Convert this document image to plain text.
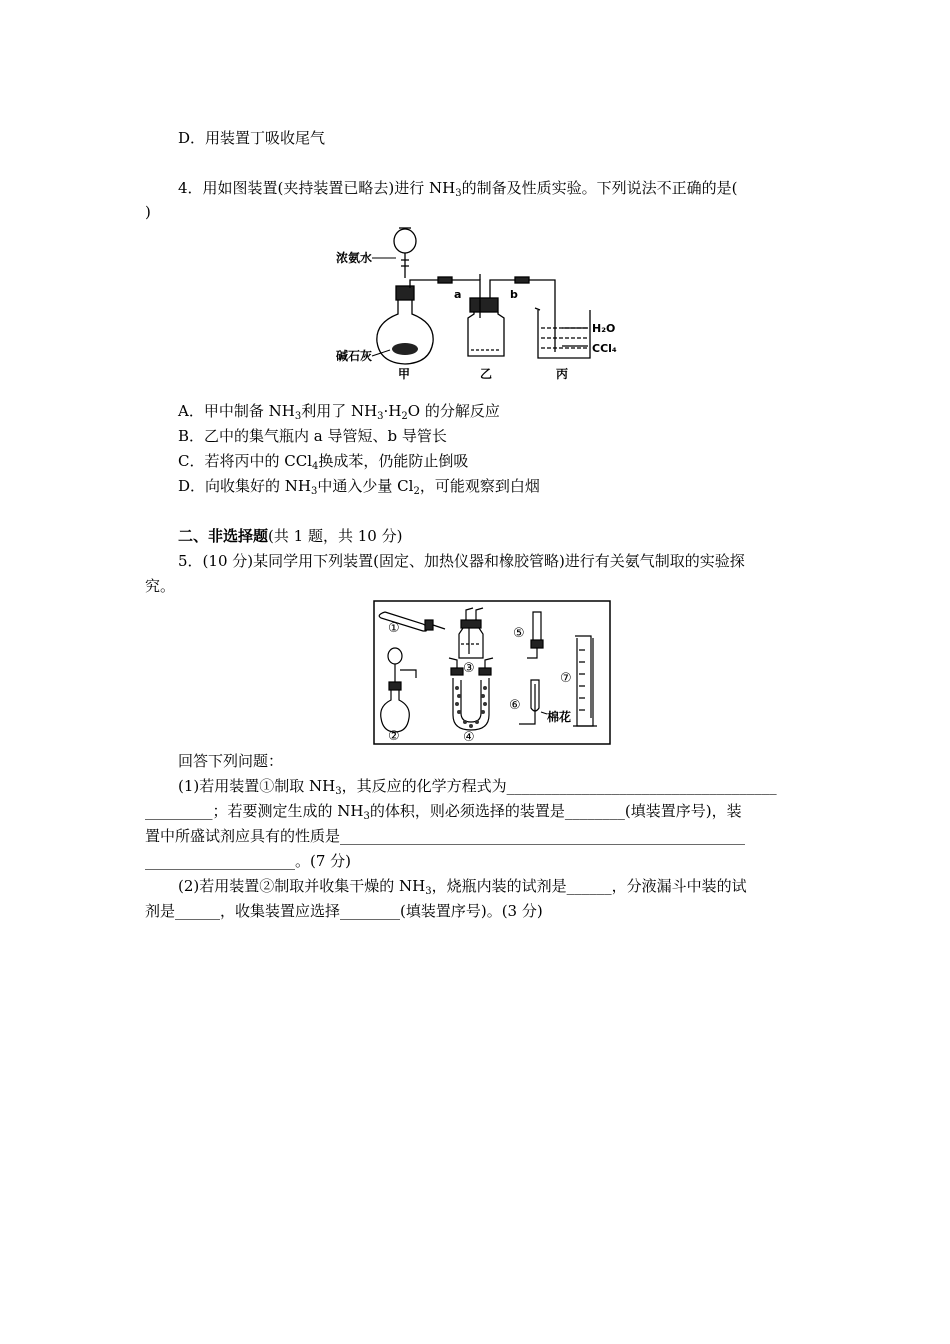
D．用装置丁吸收尾气
4．用如图装置(夹持装置已略去)进行 $NH_3$的制备及性质实验。下列说法不正确的是(
)
浓氨水
碱石灰
a	b
H₂O
CCl₄
甲	乙	丙
A．甲中制备 $NH_3$利用了 $NH_3\cdot H_2O$ 的分解反应
B．乙中的集气瓶内 a 导管短、b 导管长
C．若将丙中的 CCl$_4$换成苯，仍能防止倒吸
D．向收集好的 $NH_3$中通入少量 $Cl_2$，可能观察到白烟
二、非选择题(共 1 题，共 10 分)
5．(10 分)某同学用下列装置(固定、加热仪器和橡胶管略)进行有关氨气制取的实验探
究。
①
②
③
④
⑤
⑥
⑦
棉花
回答下列问题：
(1)若用装置①制取 $NH_3$，其反应的化学方程式为____________________________________
_________；若要测定生成的 $NH_3$的体积，则必须选择的装置是________(填装置序号)，装
置中所盛试剂应具有的性质是______________________________________________________
____________________。(7 分)
(2)若用装置②制取并收集干燥的 $NH_3$，烧瓶内装的试剂是______，分液漏斗中装的试
剂是______，收集装置应选择________(填装置序号)。(3 分)
